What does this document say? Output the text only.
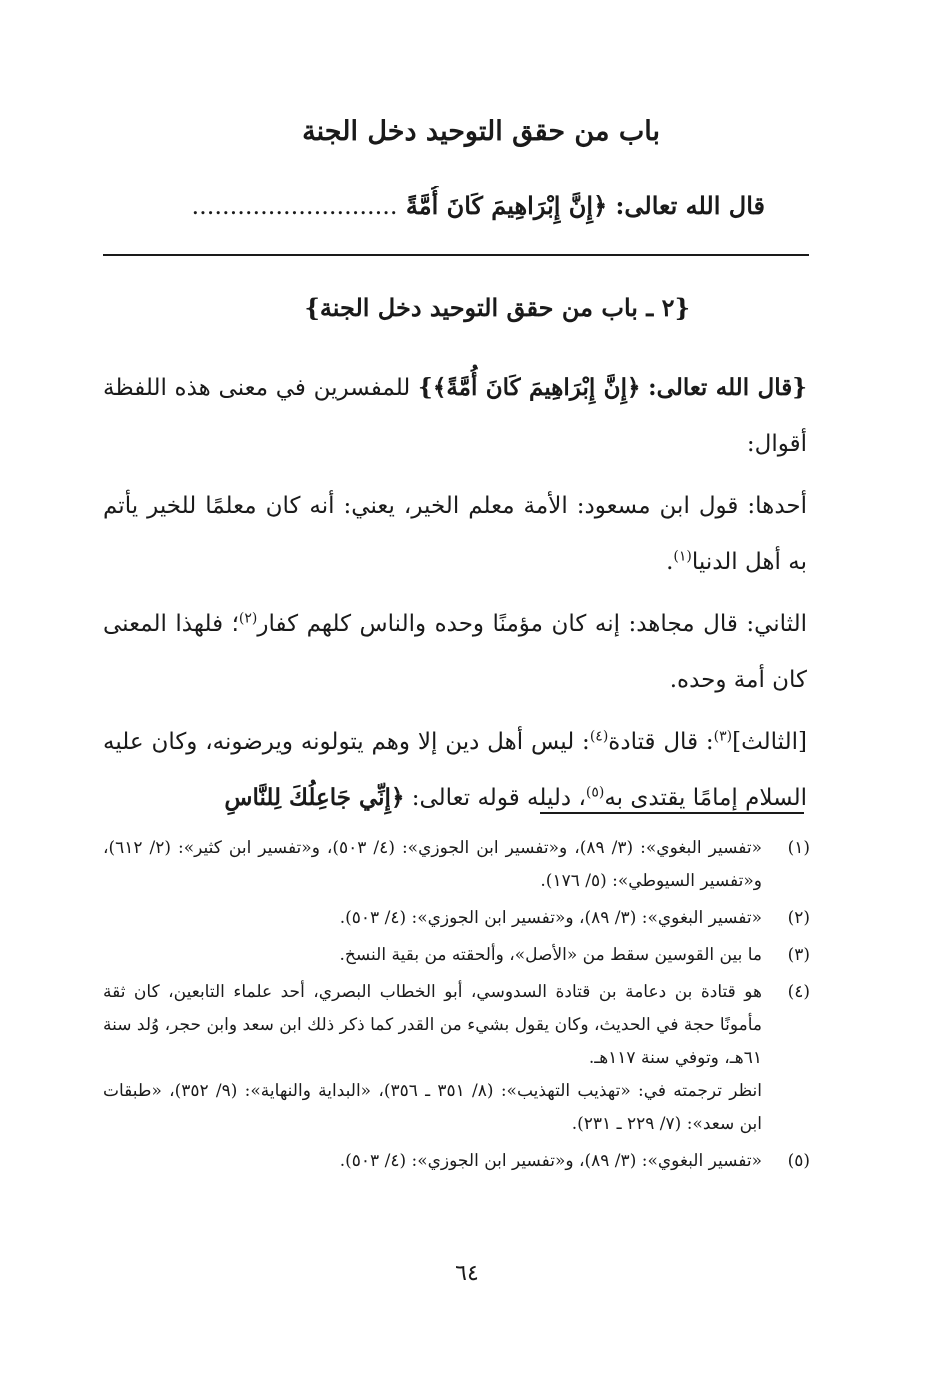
باب من حقق التوحيد دخل الجنة
قال الله تعالى: ﴿إِنَّ إِبْرَاهِيمَ كَانَ أُمَّةً ...........................
{٢ ـ باب من حقق التوحيد دخل الجنة}

{قال الله تعالى: ﴿إِنَّ إِبْرَاهِيمَ كَانَ أُمَّةً﴾} للمفسرين في معنى هذه اللفظة أقوال:

أحدها: قول ابن مسعود: الأمة معلم الخير، يعني: أنه كان معلمًا للخير يأتم به أهل الدنيا$^{(١)}$.

الثاني: قال مجاهد: إنه كان مؤمنًا وحده والناس كلهم كفار$^{(٢)}$؛ فلهذا المعنى كان أمة وحده.

[الثالث]$^{(٣)}$: قال قتادة$^{(٤)}$: ليس أهل دين إلا وهم يتولونه ويرضونه، وكان عليه السلام إمامًا يقتدى به$^{(٥)}$، دليله قوله تعالى: ﴿إِنِّي جَاعِلُكَ لِلنَّاسِ

(١)
«تفسير البغوي»: (٣/ ٨٩)، و«تفسير ابن الجوزي»: (٤/ ٥٠٣)، و«تفسير ابن كثير»: (٢/ ٦١٢)، و«تفسير السيوطي»: (٥/ ١٧٦).
(٢)
«تفسير البغوي»: (٣/ ٨٩)، و«تفسير ابن الجوزي»: (٤/ ٥٠٣).
(٣)
ما بين القوسين سقط من «الأصل»، وألحقته من بقية النسخ.
(٤)
هو قتادة بن دعامة بن قتادة السدوسي، أبو الخطاب البصري، أحد علماء التابعين، كان ثقة مأمونًا حجة في الحديث، وكان يقول بشيء من القدر كما ذكر ذلك ابن سعد وابن حجر، وُلد سنة ٦١هـ، وتوفي سنة ١١٧هـ.
انظر ترجمته في: «تهذيب التهذيب»: (٨/ ٣٥١ ـ ٣٥٦)، «البداية والنهاية»: (٩/ ٣٥٢)، «طبقات ابن سعد»: (٧/ ٢٢٩ ـ ٢٣١).
(٥)
«تفسير البغوي»: (٣/ ٨٩)، و«تفسير ابن الجوزي»: (٤/ ٥٠٣).
٦٤
